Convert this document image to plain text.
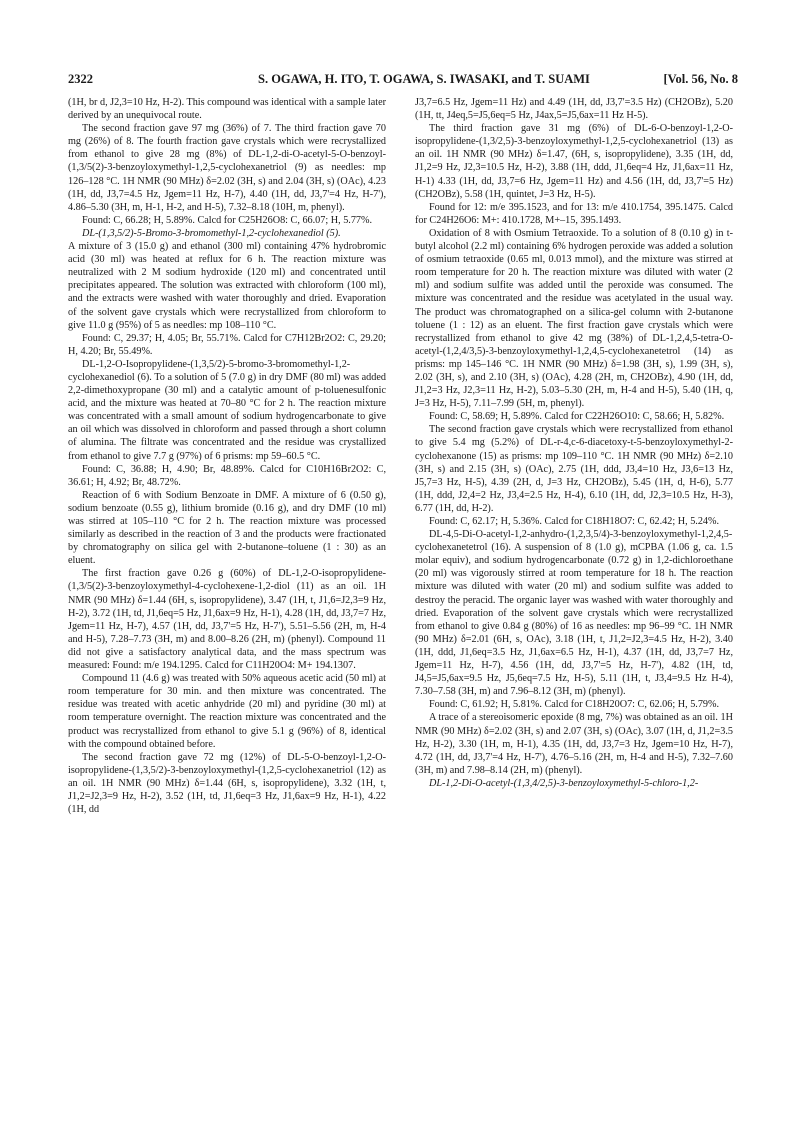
2322	S. OGAWA, H. ITO, T. OGAWA, S. IWASAKI, and T. SUAMI	[Vol. 56, No. 8

(1H, br d, J2,3=10 Hz, H-2). This compound was identical with a sample later derived by an unequivocal route.

The second fraction gave 97 mg (36%) of 7. The third fraction gave 70 mg (26%) of 8. The fourth fraction gave crystals which were recrystallized from ethanol to give 28 mg (8%) of DL-1,2-di-O-acetyl-5-O-benzoyl-(1,3/5(2)-3-benzoyloxymethyl-1,2,5-cyclohexanetriol (9) as needles: mp 126–128 °C. 1H NMR (90 MHz) δ=2.02 (3H, s) and 2.04 (3H, s) (OAc), 4.23 (1H, dd, J3,7=4.5 Hz, Jgem=11 Hz, H-7), 4.40 (1H, dd, J3,7'=4 Hz, H-7'), 4.86–5.30 (3H, m, H-1, H-2, and H-5), 7.32–8.18 (10H, m, phenyl).

Found: C, 66.28; H, 5.89%. Calcd for C25H26O8: C, 66.07; H, 5.77%.

DL-(1,3,5/2)-5-Bromo-3-bromomethyl-1,2-cyclohexanediol (5).

A mixture of 3 (15.0 g) and ethanol (300 ml) containing 47% hydrobromic acid (30 ml) was heated at reflux for 6 h. The reaction mixture was neutralized with 2 M sodium hydroxide (120 ml) and concentrated until precipitates appeared. The solution was extracted with chloroform (100 ml), and the extracts were washed with water thoroughly and dried. Evaporation of the solvent gave crystals which were recrystallized from chloroform to give 11.0 g (95%) of 5 as needles: mp 108–110 °C.

Found: C, 29.37; H, 4.05; Br, 55.71%. Calcd for C7H12Br2O2: C, 29.20; H, 4.20; Br, 55.49%.

DL-1,2-O-Isopropylidene-(1,3,5/2)-5-bromo-3-bromomethyl-1,2-cyclohexanediol (6). To a solution of 5 (7.0 g) in dry DMF (80 ml) was added 2,2-dimethoxypropane (30 ml) and a catalytic amount of p-toluenesulfonic acid, and the mixture was heated at 70–80 °C for 2 h. The reaction mixture was concentrated with a small amount of sodium hydrogencarbonate to give an oil which was dissolved in chloroform and passed through a short column of alumina. The filtrate was concentrated and the residue was crystallized from ethanol to give 7.7 g (97%) of 6 prisms: mp 59–60.5 °C.

Found: C, 36.88; H, 4.90; Br, 48.89%. Calcd for C10H16Br2O2: C, 36.61; H, 4.92; Br, 48.72%.

Reaction of 6 with Sodium Benzoate in DMF. A mixture of 6 (0.50 g), sodium benzoate (0.55 g), lithium bromide (0.16 g), and dry DMF (10 ml) was stirred at 105–110 °C for 2 h. The reaction mixture was processed similarly as described in the reaction of 3 and the products were fractionated by chromatography on silica gel with 2-butanone–toluene (1 : 30) as an eluent.

The first fraction gave 0.26 g (60%) of DL-1,2-O-isopropylidene-(1,3/5(2)-3-benzoyloxymethyl-4-cyclohexene-1,2-diol (11) as an oil. 1H NMR (90 MHz) δ=1.44 (6H, s, isopropylidene), 3.47 (1H, t, J1,6=J2,3=9 Hz, H-2), 3.72 (1H, td, J1,6eq=5 Hz, J1,6ax=9 Hz, H-1), 4.28 (1H, dd, J3,7=7 Hz, Jgem=11 Hz, H-7), 4.57 (1H, dd, J3,7'=5 Hz, H-7'), 5.51–5.56 (2H, m, H-4 and H-5), 7.28–7.73 (3H, m) and 8.00–8.26 (2H, m) (phenyl). Compound 11 did not give a satisfactory analytical data, and the mass spectrum was measured: Found: m/e 194.1295. Calcd for C11H20O4: M+ 194.1307.

Compound 11 (4.6 g) was treated with 50% aqueous acetic acid (50 ml) at room temperature for 30 min. and then mixture was concentrated. The residue was treated with acetic anhydride (20 ml) and pyridine (30 ml) at room temperature overnight. The reaction mixture was concentrated and the product was recrystallized from ethanol to give 5.1 g (96%) of 8, identical with the compound obtained before.

The second fraction gave 72 mg (12%) of DL-5-O-benzoyl-1,2-O-isopropylidene-(1,3,5/2)-3-benzoyloxymethyl-(1,2,5-cyclohexanetriol (12) as an oil. 1H NMR (90 MHz) δ=1.44 (6H, s, isopropylidene), 3.32 (1H, t, J1,2=J2,3=9 Hz, H-2), 3.52 (1H, td, J1,6eq=3 Hz, J1,6ax=9 Hz, H-1), 4.22 (1H, dd

J3,7=6.5 Hz, Jgem=11 Hz) and 4.49 (1H, dd, J3,7'=3.5 Hz) (CH2OBz), 5.20 (1H, tt, J4eq,5=J5,6eq=5 Hz, J4ax,5=J5,6ax=11 Hz H-5).

The third fraction gave 31 mg (6%) of DL-6-O-benzoyl-1,2-O-isopropylidene-(1,3/2,5)-3-benzoyloxymethyl-1,2,5-cyclohexanetriol (13) as an oil. 1H NMR (90 MHz) δ=1.47, (6H, s, isopropylidene), 3.35 (1H, dd, J1,2=9 Hz, J2,3=10.5 Hz, H-2), 3.88 (1H, ddd, J1,6eq=4 Hz, J1,6ax=11 Hz, H-1) 4.33 (1H, dd, J3,7=6 Hz, Jgem=11 Hz) and 4.56 (1H, dd, J3,7'=5 Hz) (CH2OBz), 5.58 (1H, quintet, J=3 Hz, H-5).

Found for 12: m/e 395.1523, and for 13: m/e 410.1754, 395.1475. Calcd for C24H26O6: M+: 410.1728, M+–15, 395.1493.

Oxidation of 8 with Osmium Tetraoxide. To a solution of 8 (0.10 g) in t-butyl alcohol (2.2 ml) containing 6% hydrogen peroxide was added a solution of osmium tetraoxide (0.65 ml, 0.013 mmol), and the mixture was stirred at room temperature for 20 h. The reaction mixture was diluted with water (2 ml) and sodium sulfite was added until the peroxide was consumed. The mixture was concentrated and the residue was acetylated in the usual way. The product was chromatographed on a silica-gel column with 2-butanone toluene (1 : 12) as an eluent. The first fraction gave crystals which were recrystallized from ethanol to give 42 mg (38%) of DL-1,2,4,5-tetra-O-acetyl-(1,2,4/3,5)-3-benzoyloxymethyl-1,2,4,5-cyclohexanetetrol (14) as prisms: mp 145–146 °C. 1H NMR (90 MHz) δ=1.98 (3H, s), 1.99 (3H, s), 2.02 (3H, s), and 2.10 (3H, s) (OAc), 4.28 (2H, m, CH2OBz), 4.90 (1H, dd, J1,2=3 Hz, J2,3=11 Hz, H-2), 5.03–5.30 (2H, m, H-4 and H-5), 5.40 (1H, q, J=3 Hz, H-5), 7.11–7.99 (5H, m, phenyl).

Found: C, 58.69; H, 5.89%. Calcd for C22H26O10: C, 58.66; H, 5.82%.

The second fraction gave crystals which were recrystallized from ethanol to give 5.4 mg (5.2%) of DL-r-4,c-6-diacetoxy-t-5-benzoyloxymethyl-2-cyclohexanone (15) as prisms: mp 109–110 °C. 1H NMR (90 MHz) δ=2.10 (3H, s) and 2.15 (3H, s) (OAc), 2.75 (1H, ddd, J3,4=10 Hz, J3,6=13 Hz, J5,7=3 Hz, H-5), 4.39 (2H, d, J=3 Hz, CH2OBz), 5.45 (1H, d, H-6), 5.77 (1H, ddd, J2,4=2 Hz, J3,4=2.5 Hz, H-4), 6.10 (1H, dd, J2,3=10.5 Hz, H-3), 6.77 (1H, dd, H-2).

Found: C, 62.17; H, 5.36%. Calcd for C18H18O7: C, 62.42; H, 5.24%.

DL-4,5-Di-O-acetyl-1,2-anhydro-(1,2,3,5/4)-3-benzoyloxymethyl-1,2,4,5-cyclohexanetetrol (16). A suspension of 8 (1.0 g), mCPBA (1.06 g, ca. 1.5 molar equiv), and sodium hydrogencarbonate (0.72 g) in 1,2-dichloroethane (20 ml) was vigorously stirred at room temperature for 18 h. The reaction mixture was diluted with water (20 ml) and sodium sulfite was added to destroy the peracid. The organic layer was washed with water thoroughly and dried. Evaporation of the solvent gave crystals which were recrystallized from ethanol to give 0.84 g (80%) of 16 as needles: mp 96–99 °C. 1H NMR (90 MHz) δ=2.01 (6H, s, OAc), 3.18 (1H, t, J1,2=J2,3=4.5 Hz, H-2), 3.40 (1H, ddd, J1,6eq=3.5 Hz, J1,6ax=6.5 Hz, H-1), 4.37 (1H, dd, J3,7=7 Hz, Jgem=11 Hz, H-7), 4.56 (1H, dd, J3,7'=5 Hz, H-7'), 4.82 (1H, td, J4,5=J5,6ax=9.5 Hz, J5,6eq=7.5 Hz, H-5), 5.11 (1H, t, J3,4=9.5 Hz H-4), 7.30–7.58 (3H, m) and 7.96–8.12 (3H, m) (phenyl).

Found: C, 61.92; H, 5.81%. Calcd for C18H20O7: C, 62.06; H, 5.79%.

A trace of a stereoisomeric epoxide (8 mg, 7%) was obtained as an oil. 1H NMR (90 MHz) δ=2.02 (3H, s) and 2.07 (3H, s) (OAc), 3.07 (1H, d, J1,2=3.5 Hz, H-2), 3.30 (1H, m, H-1), 4.35 (1H, dd, J3,7=3 Hz, Jgem=10 Hz, H-7), 4.72 (1H, dd, J3,7'=4 Hz, H-7'), 4.76–5.16 (2H, m, H-4 and H-5), 7.32–7.60 (3H, m) and 7.98–8.14 (2H, m) (phenyl).

DL-1,2-Di-O-acetyl-(1,3,4/2,5)-3-benzoyloxymethyl-5-chloro-1,2-
